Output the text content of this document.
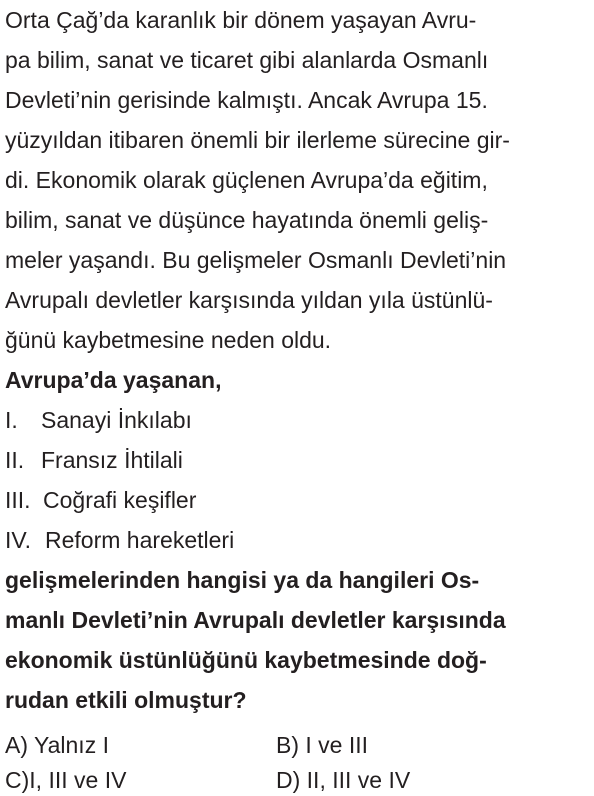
Orta Çağ’da karanlık bir dönem yaşayan Avru-
pa bilim, sanat ve ticaret gibi alanlarda Osmanlı
Devleti’nin gerisinde kalmıştı. Ancak Avrupa 15.
yüzyıldan itibaren önemli bir ilerleme sürecine gir-
di. Ekonomik olarak güçlenen Avrupa’da eğitim,
bilim, sanat ve düşünce hayatında önemli geliş-
meler yaşandı. Bu gelişmeler Osmanlı Devleti’nin
Avrupalı devletler karşısında yıldan yıla üstünlü-
ğünü kaybetmesine neden oldu.
Avrupa’da yaşanan,
I. Sanayi İnkılabı
II. Fransız İhtilali
III. Coğrafi keşifler
IV. Reform hareketleri
gelişmelerinden hangisi ya da hangileri Os-
manlı Devleti’nin Avrupalı devletler karşısında
ekonomik üstünlüğünü kaybetmesinde doğ-
rudan etkili olmuştur?
A) Yalnız I	B) I ve III
C)I, III ve IV	D) II, III ve IV
